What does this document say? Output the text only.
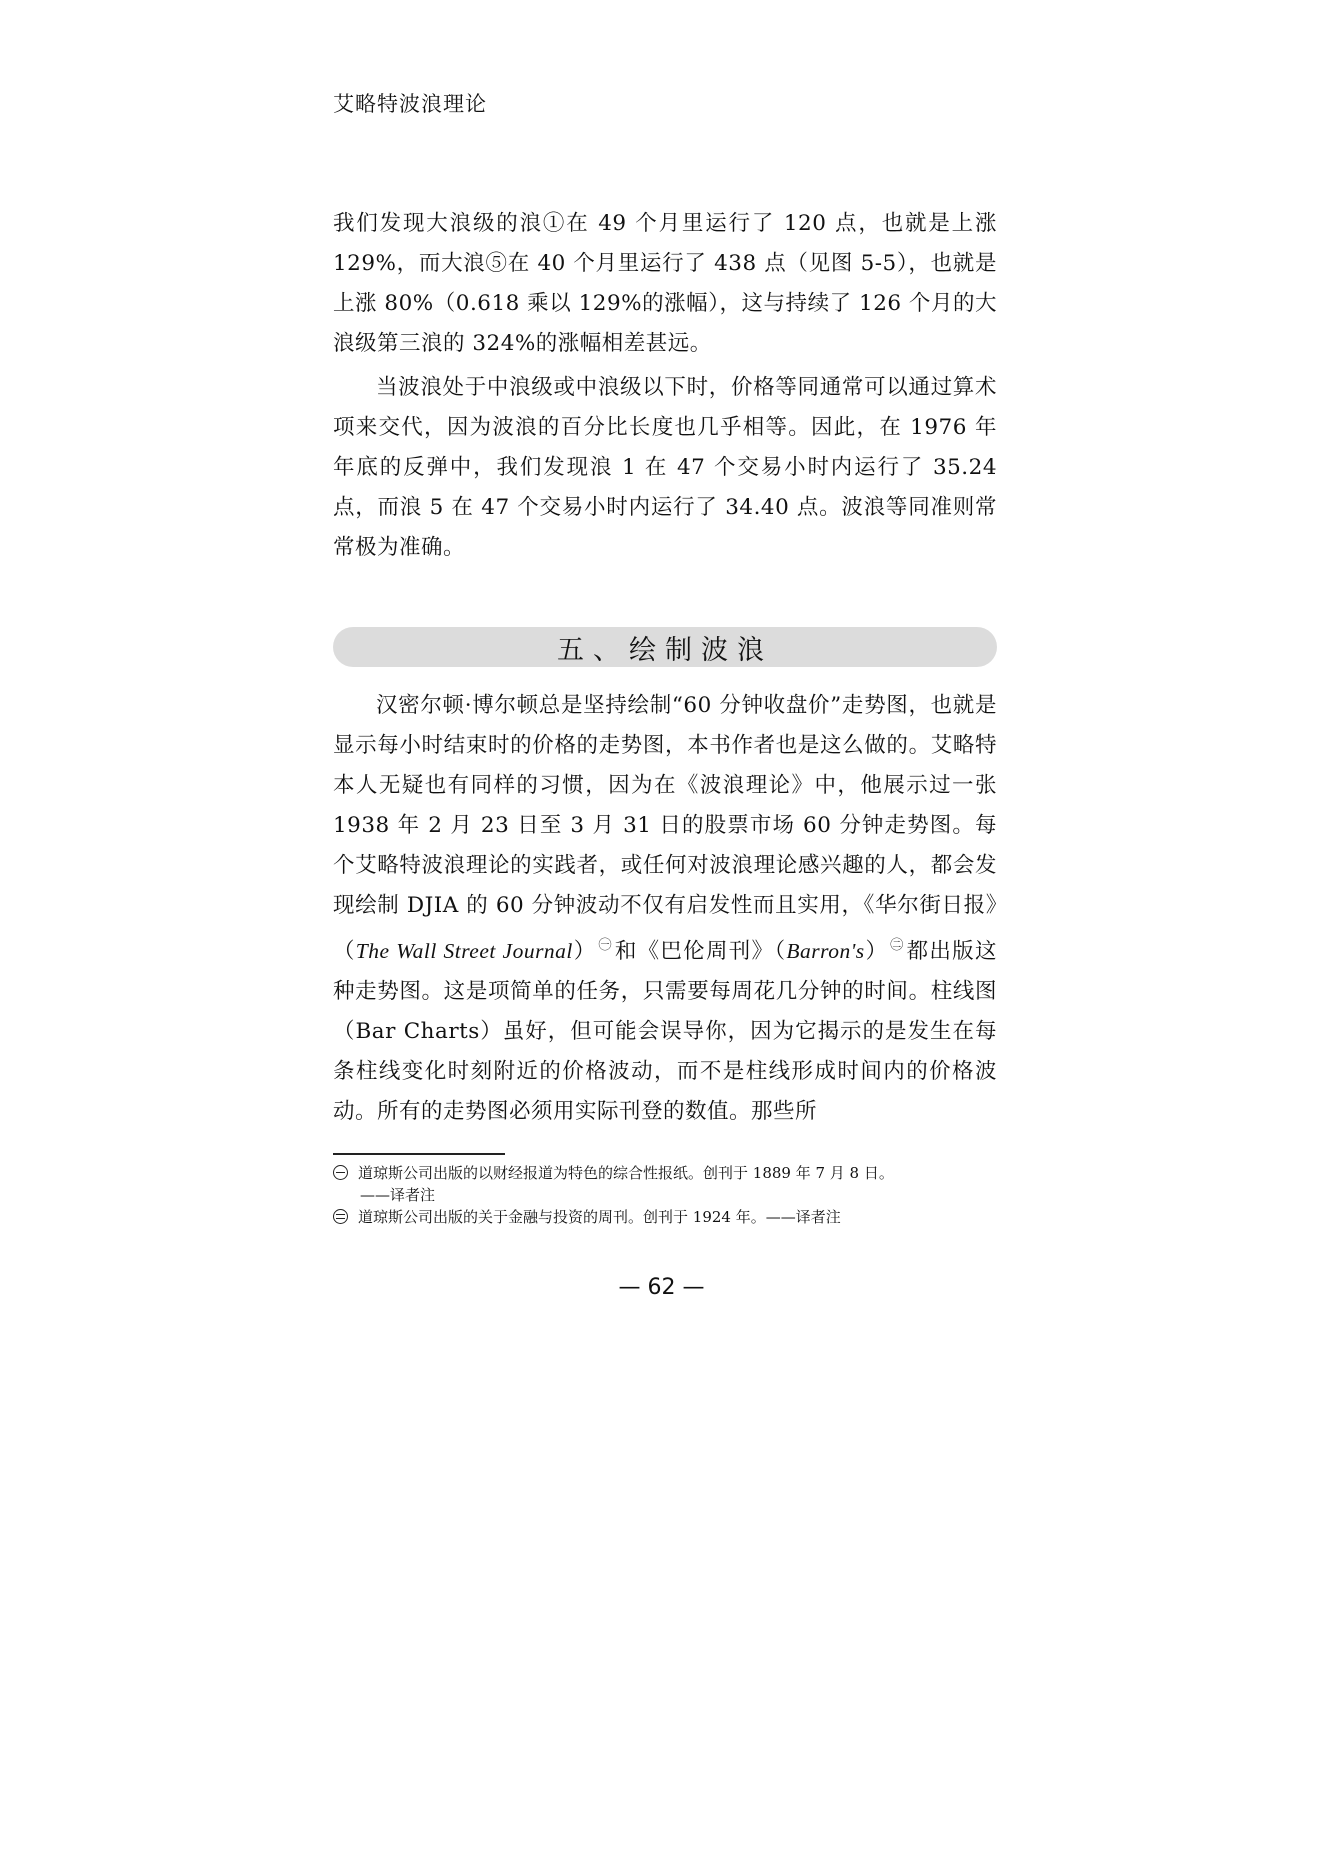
艾略特波浪理论

我们发现大浪级的浪①在 49 个月里运行了 120 点，也就是上涨 129%，而大浪⑤在 40 个月里运行了 438 点（见图 5-5），也就是上涨 80%（0.618 乘以 129%的涨幅），这与持续了 126 个月的大浪级第三浪的 324%的涨幅相差甚远。

当波浪处于中浪级或中浪级以下时，价格等同通常可以通过算术项来交代，因为波浪的百分比长度也几乎相等。因此，在 1976 年年底的反弹中，我们发现浪 1 在 47 个交易小时内运行了 35.24 点，而浪 5 在 47 个交易小时内运行了 34.40 点。波浪等同准则常常极为准确。

五、绘制波浪

汉密尔顿·博尔顿总是坚持绘制“60 分钟收盘价”走势图，也就是显示每小时结束时的价格的走势图，本书作者也是这么做的。艾略特本人无疑也有同样的习惯，因为在《波浪理论》中，他展示过一张 1938 年 2 月 23 日至 3 月 31 日的股票市场 60 分钟走势图。每个艾略特波浪理论的实践者，或任何对波浪理论感兴趣的人，都会发现绘制 DJIA 的 60 分钟波动不仅有启发性而且实用，《华尔街日报》（The Wall Street Journal） $^㊀$和《巴伦周刊》（Barron's） $^㊁$都出版这种走势图。这是项简单的任务，只需要每周花几分钟的时间。柱线图（Bar Charts）虽好，但可能会误导你，因为它揭示的是发生在每条柱线变化时刻附近的价格波动，而不是柱线形成时间内的价格波动。所有的走势图必须用实际刊登的数值。那些所

道琼斯公司出版的以财经报道为特色的综合性报纸。创刊于 1889 年 7 月 8 日。
——译者注
道琼斯公司出版的关于金融与投资的周刊。创刊于 1924 年。——译者注
— 62 —
